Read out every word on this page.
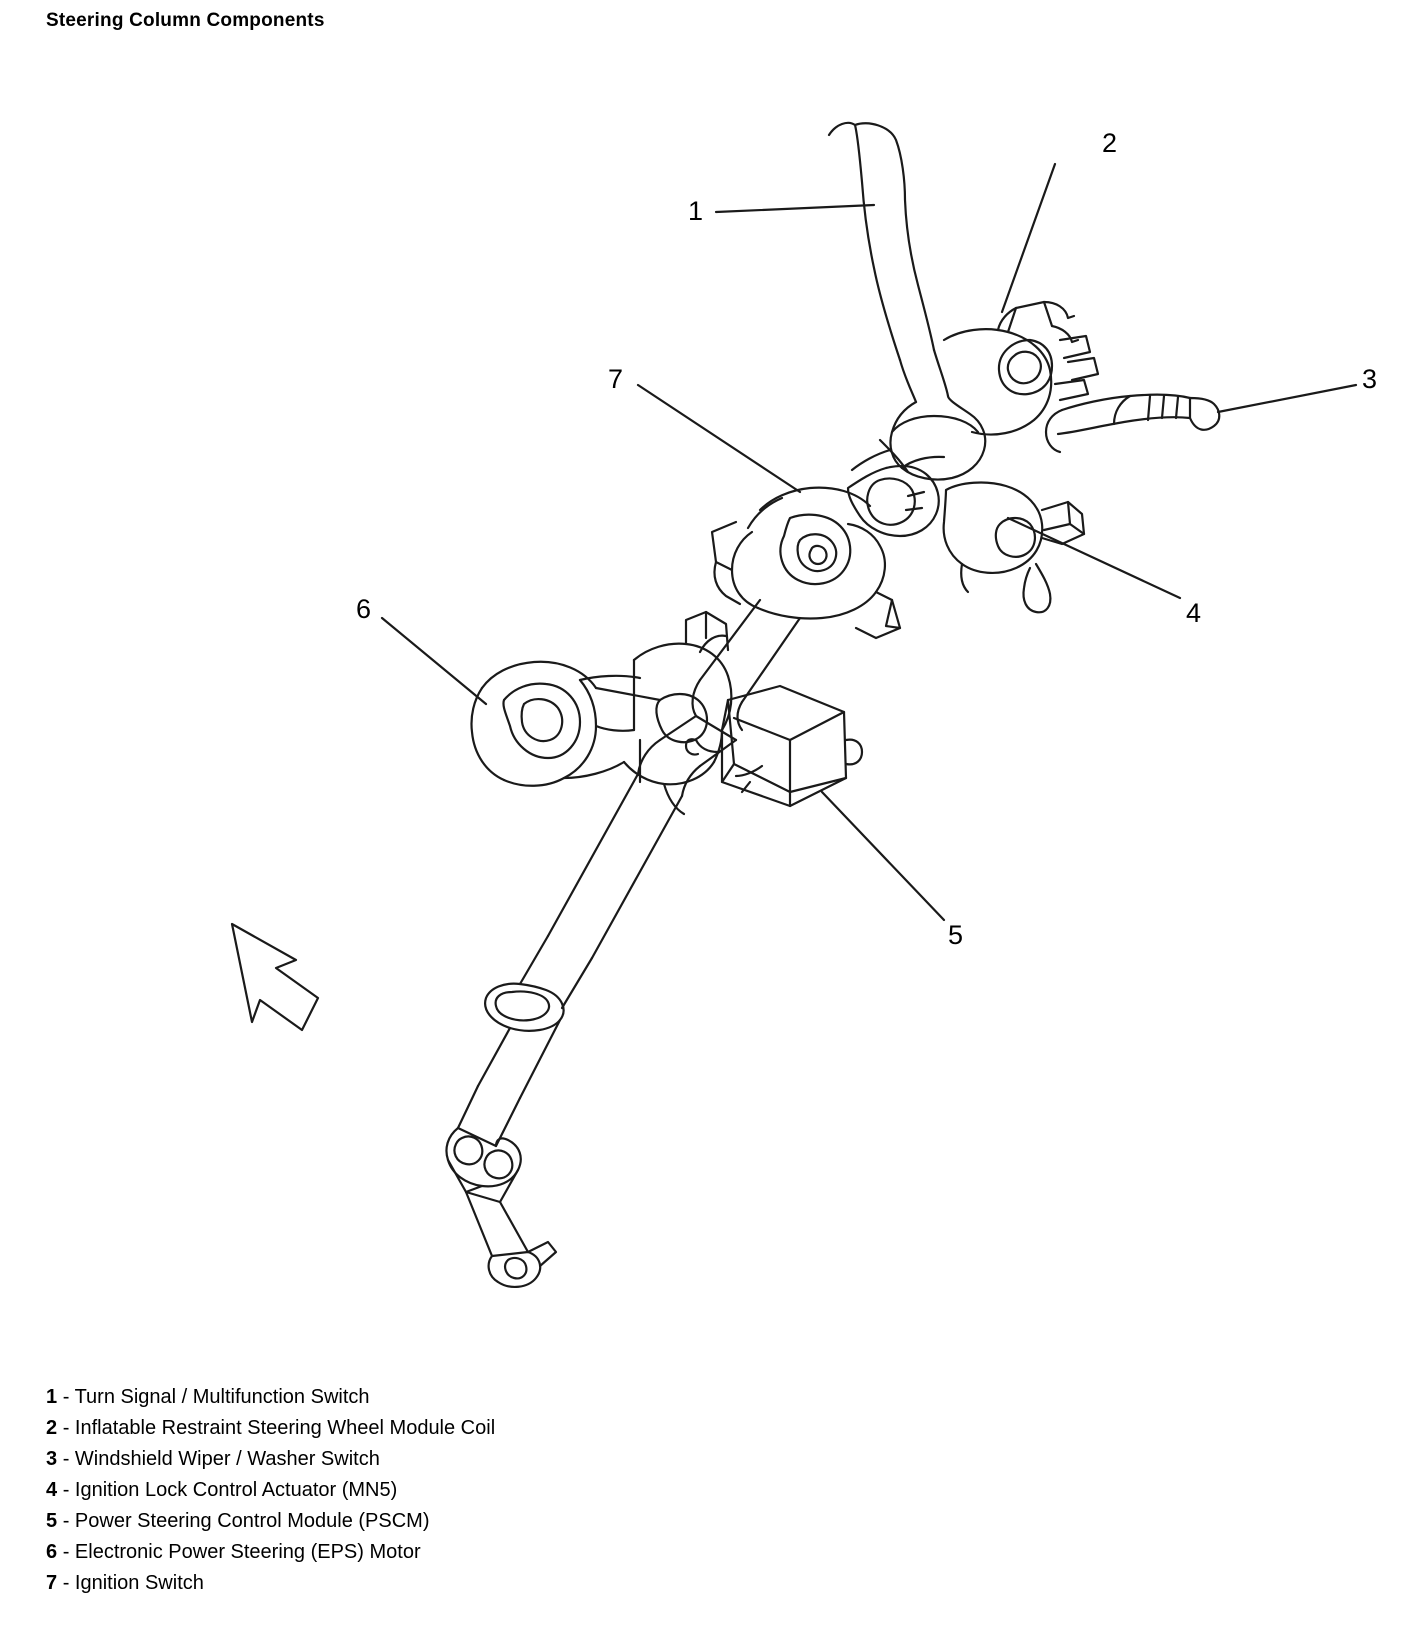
Steering Column Components
1
2
3
4
5
6
7
1 - Turn Signal / Multifunction Switch
2 - Inflatable Restraint Steering Wheel Module Coil
3 - Windshield Wiper / Washer Switch
4 - Ignition Lock Control Actuator (MN5)
5 - Power Steering Control Module (PSCM)
6 - Electronic Power Steering (EPS) Motor
7 - Ignition Switch
